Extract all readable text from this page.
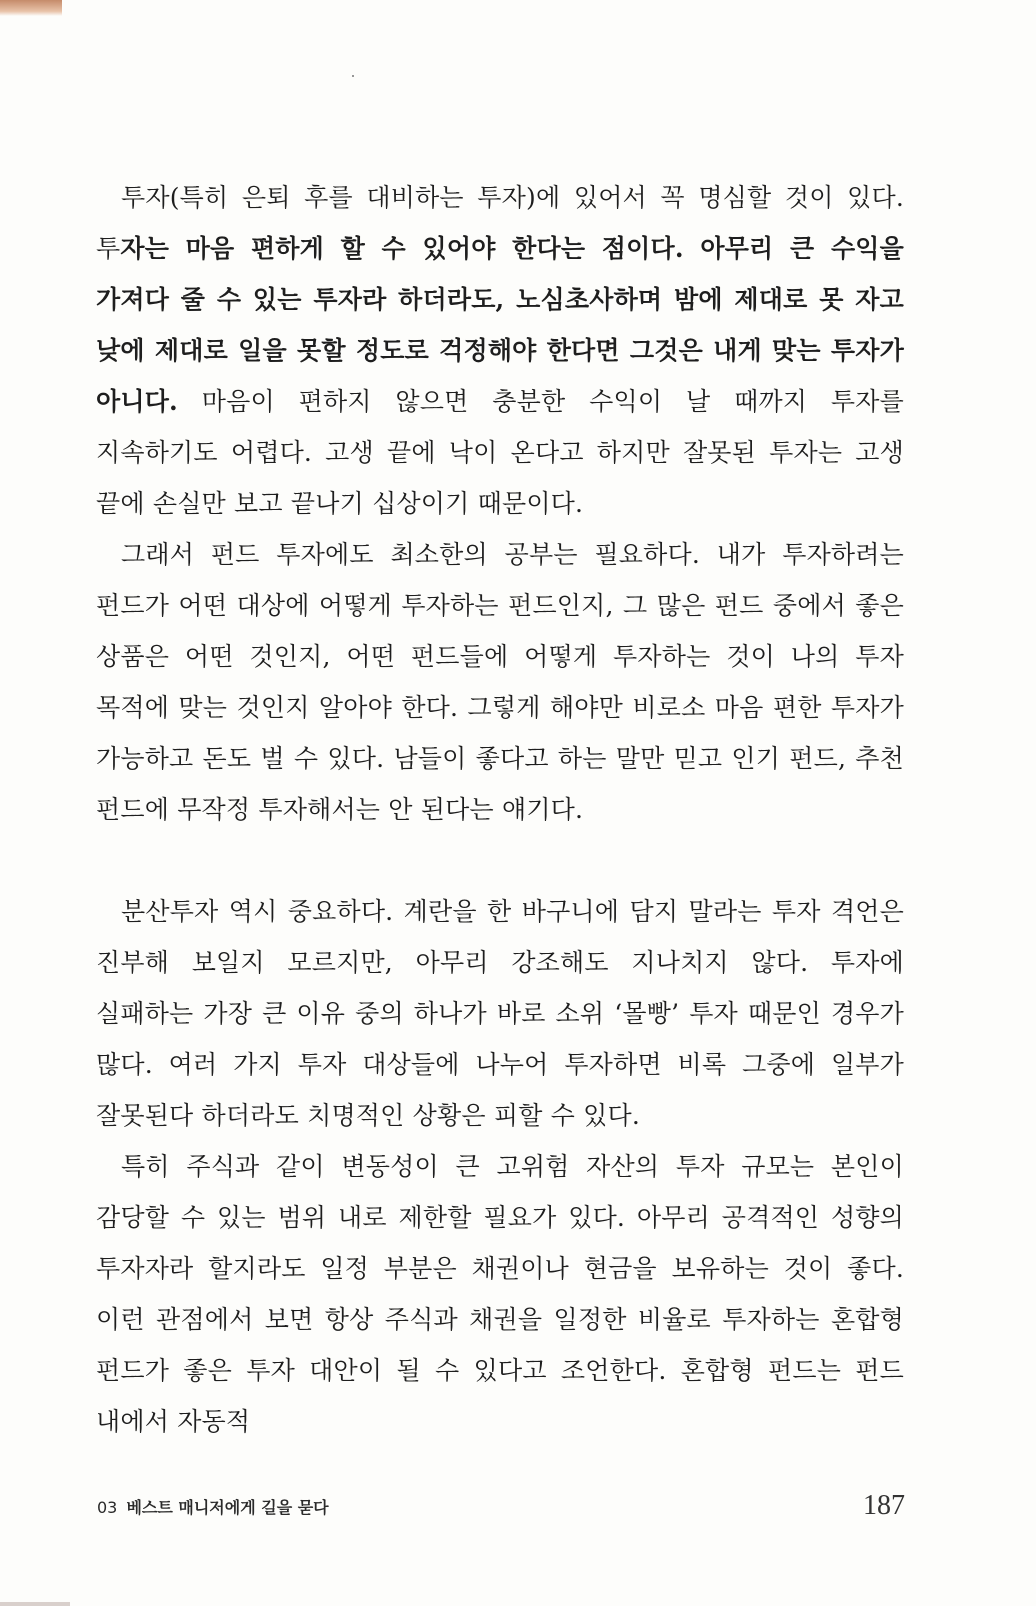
투자(특히 은퇴 후를 대비하는 투자)에 있어서 꼭 명심할 것이 있다. 투자는 마음 편하게 할 수 있어야 한다는 점이다. 아무리 큰 수익을 가져다 줄 수 있는 투자라 하더라도, 노심초사하며 밤에 제대로 못 자고 낮에 제대로 일을 못할 정도로 걱정해야 한다면 그것은 내게 맞는 투자가 아니다. 마음이 편하지 않으면 충분한 수익이 날 때까지 투자를 지속하기도 어렵다. 고생 끝에 낙이 온다고 하지만 잘못된 투자는 고생 끝에 손실만 보고 끝나기 십상이기 때문이다.

그래서 펀드 투자에도 최소한의 공부는 필요하다. 내가 투자하려는 펀드가 어떤 대상에 어떻게 투자하는 펀드인지, 그 많은 펀드 중에서 좋은 상품은 어떤 것인지, 어떤 펀드들에 어떻게 투자하는 것이 나의 투자 목적에 맞는 것인지 알아야 한다. 그렇게 해야만 비로소 마음 편한 투자가 가능하고 돈도 벌 수 있다. 남들이 좋다고 하는 말만 믿고 인기 펀드, 추천 펀드에 무작정 투자해서는 안 된다는 얘기다.

분산투자 역시 중요하다. 계란을 한 바구니에 담지 말라는 투자 격언은 진부해 보일지 모르지만, 아무리 강조해도 지나치지 않다. 투자에 실패하는 가장 큰 이유 중의 하나가 바로 소위 ‘몰빵’ 투자 때문인 경우가 많다. 여러 가지 투자 대상들에 나누어 투자하면 비록 그중에 일부가 잘못된다 하더라도 치명적인 상황은 피할 수 있다.

특히 주식과 같이 변동성이 큰 고위험 자산의 투자 규모는 본인이 감당할 수 있는 범위 내로 제한할 필요가 있다. 아무리 공격적인 성향의 투자자라 할지라도 일정 부분은 채권이나 현금을 보유하는 것이 좋다. 이런 관점에서 보면 항상 주식과 채권을 일정한 비율로 투자하는 혼합형 펀드가 좋은 투자 대안이 될 수 있다고 조언한다. 혼합형 펀드는 펀드 내에서 자동적

03 베스트 매니저에게 길을 묻다	187
